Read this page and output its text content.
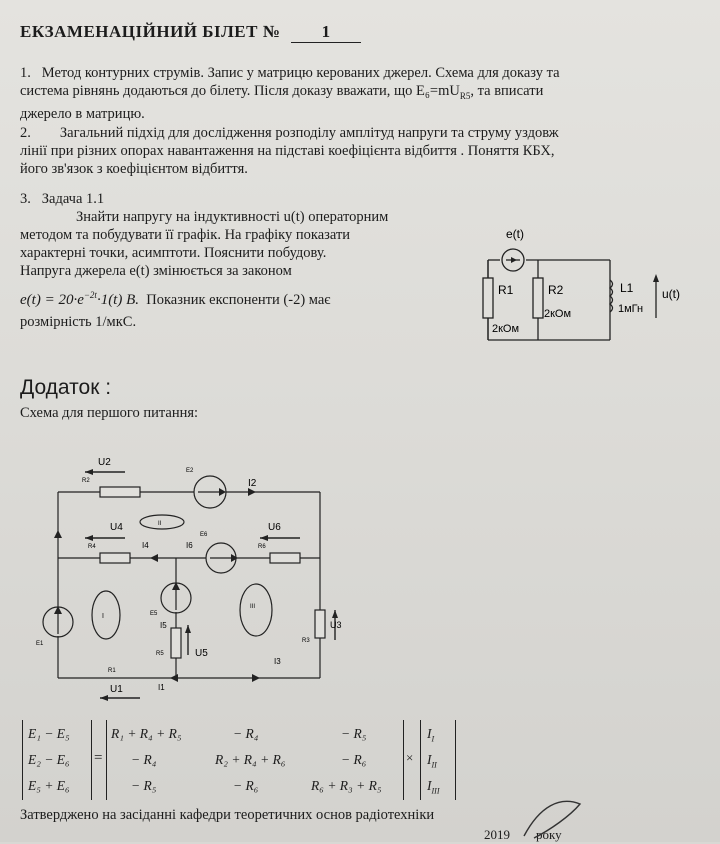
ЕКЗАМЕНАЦІЙНИЙ БІЛЕТ № 1
1. Метод контурних струмів. Запис у матрицю керованих джерел. Схема для доказу та
система рівнянь додаються до білету. Після доказу вважати, що $E_6=mU_{R5}$, та вписати
джерело в матрицю.
2. Загальний підхід для дослідження розподілу амплітуд напруги та струму уздовж
лінії при різних опорах навантаження на підставі коефіцієнта відбиття . Поняття КБХ,
його зв'язок з коефіцієнтом відбиття.
3. Задача 1.1
Знайти напругу на індуктивності u(t) операторним
методом та побудувати її графік. На графіку показати
характерні точки, асимптоти. Пояснити побудову.
Напруга джерела e(t) змінюється за законом
$e(t) = 20\cdot e^{-2t}\cdot 1(t)$ В. Показник експоненти (-2) має
розмірність 1/мкС.
e(t)
R1	R2
2кОм
2кОм
L1
1мГн
u(t)
Додаток :
Схема для першого питання:
U2
R2
E2
I2
U4
R4
II
I4	I6
E6
U6
R6
E1
I	E5
I5
III
R3
U3
R5	U5
R1
I3
U1	I1
E₁ − E₅
E₂ − E₆
E₅ + E₆
=
R₁ + R₄ + R₅	− R₄	− R₅
− R₄	R₂ + R₄ + R₆	− R₆
− R₅	− R₆	R₆ + R₃ + R₅
×
$I_I$
$I_{II}$
$I_{III}$
Затверджено на засіданні кафедри теоретичних основ радіотехніки
2019 року
